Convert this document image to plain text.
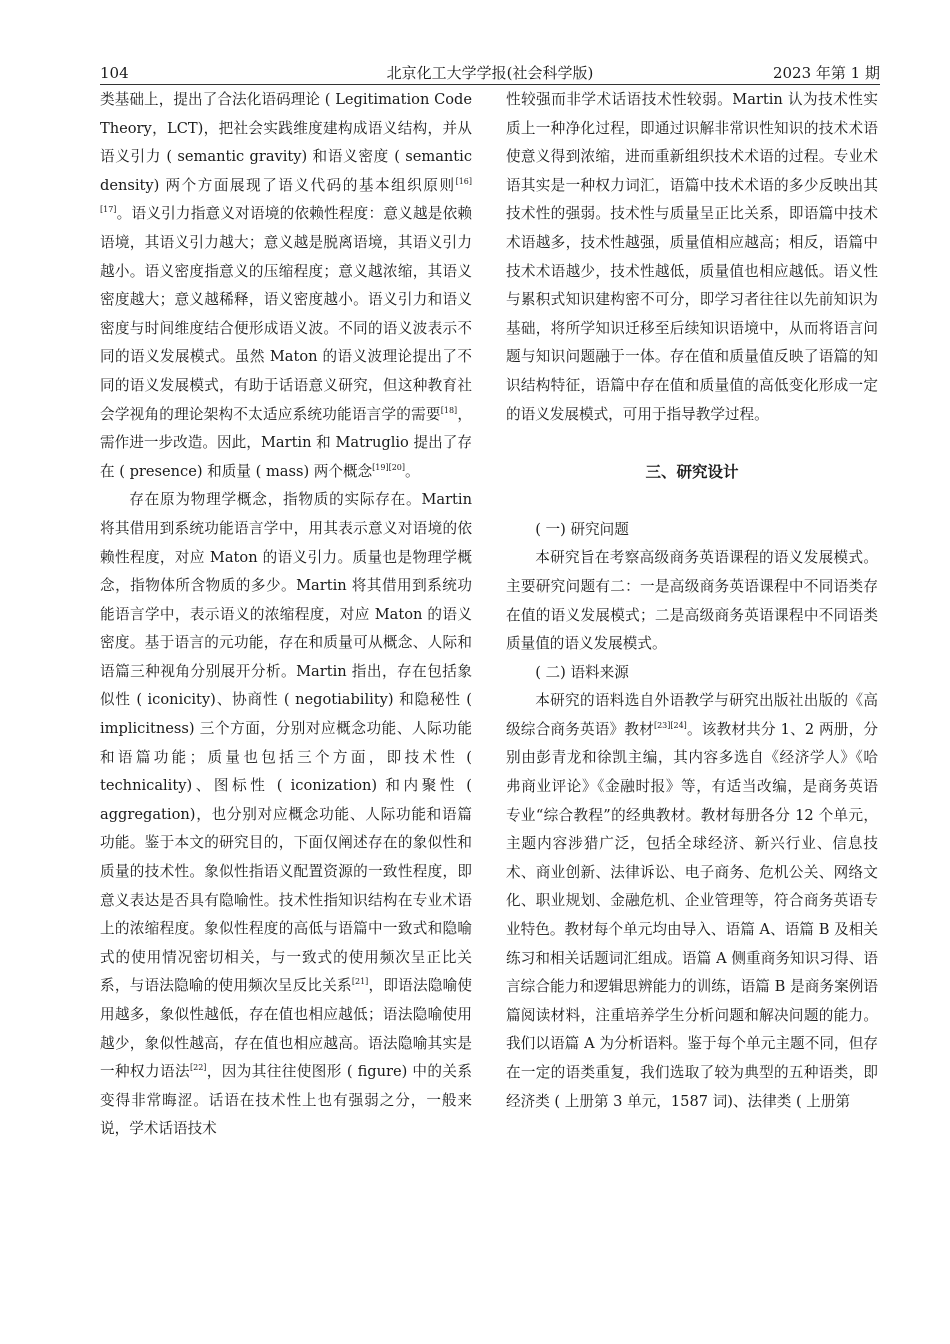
104	北京化工大学学报(社会科学版)	2023 年第 1 期

类基础上，提出了合法化语码理论 ( Legitimation Code Theory，LCT)，把社会实践维度建构成语义结构，并从语义引力 ( semantic gravity) 和语义密度 ( semantic density) 两个方面展现了语义代码的基本组织原则[16][17]。语义引力指意义对语境的依赖性程度：意义越是依赖语境，其语义引力越大；意义越是脱离语境，其语义引力越小。语义密度指意义的压缩程度；意义越浓缩，其语义密度越大；意义越稀释，语义密度越小。语义引力和语义密度与时间维度结合便形成语义波。不同的语义波表示不同的语义发展模式。虽然 Maton 的语义波理论提出了不同的语义发展模式，有助于话语意义研究，但这种教育社会学视角的理论架构不太适应系统功能语言学的需要[18]，需作进一步改造。因此，Martin 和 Matruglio 提出了存在 ( presence) 和质量 ( mass) 两个概念[19][20]。

存在原为物理学概念，指物质的实际存在。Martin 将其借用到系统功能语言学中，用其表示意义对语境的依赖性程度，对应 Maton 的语义引力。质量也是物理学概念，指物体所含物质的多少。Martin 将其借用到系统功能语言学中，表示语义的浓缩程度，对应 Maton 的语义密度。基于语言的元功能，存在和质量可从概念、人际和语篇三种视角分别展开分析。Martin 指出，存在包括象似性 ( iconicity)、协商性 ( negotiability) 和隐秘性 ( implicitness) 三个方面，分别对应概念功能、人际功能和语篇功能；质量也包括三个方面，即技术性 ( technicality)、图标性 ( iconization) 和内聚性 ( aggregation)，也分别对应概念功能、人际功能和语篇功能。鉴于本文的研究目的，下面仅阐述存在的象似性和质量的技术性。象似性指语义配置资源的一致性程度，即意义表达是否具有隐喻性。技术性指知识结构在专业术语上的浓缩程度。象似性程度的高低与语篇中一致式和隐喻式的使用情况密切相关，与一致式的使用频次呈正比关系，与语法隐喻的使用频次呈反比关系[21]，即语法隐喻使用越多，象似性越低，存在值也相应越低；语法隐喻使用越少，象似性越高，存在值也相应越高。语法隐喻其实是一种权力语法[22]，因为其往往使图形 ( figure) 中的关系变得非常晦涩。话语在技术性上也有强弱之分，一般来说，学术话语技术

性较强而非学术话语技术性较弱。Martin 认为技术性实质上一种净化过程，即通过识解非常识性知识的技术术语使意义得到浓缩，进而重新组织技术术语的过程。专业术语其实是一种权力词汇，语篇中技术术语的多少反映出其技术性的强弱。技术性与质量呈正比关系，即语篇中技术术语越多，技术性越强，质量值相应越高；相反，语篇中技术术语越少，技术性越低，质量值也相应越低。语义性与累积式知识建构密不可分，即学习者往往以先前知识为基础，将所学知识迁移至后续知识语境中，从而将语言问题与知识问题融于一体。存在值和质量值反映了语篇的知识结构特征，语篇中存在值和质量值的高低变化形成一定的语义发展模式，可用于指导教学过程。

三、研究设计

( 一) 研究问题

本研究旨在考察高级商务英语课程的语义发展模式。主要研究问题有二：一是高级商务英语课程中不同语类存在值的语义发展模式；二是高级商务英语课程中不同语类质量值的语义发展模式。

( 二) 语料来源

本研究的语料选自外语教学与研究出版社出版的《高级综合商务英语》教材[23][24]。该教材共分 1、2 两册，分别由彭青龙和徐凯主编，其内容多选自《经济学人》《哈弗商业评论》《金融时报》等，有适当改编，是商务英语专业“综合教程”的经典教材。教材每册各分 12 个单元，主题内容涉猎广泛，包括全球经济、新兴行业、信息技术、商业创新、法律诉讼、电子商务、危机公关、网络文化、职业规划、金融危机、企业管理等，符合商务英语专业特色。教材每个单元均由导入、语篇 A、语篇 B 及相关练习和相关话题词汇组成。语篇 A 侧重商务知识习得、语言综合能力和逻辑思辨能力的训练，语篇 B 是商务案例语篇阅读材料，注重培养学生分析问题和解决问题的能力。我们以语篇 A 为分析语料。鉴于每个单元主题不同，但存在一定的语类重复，我们选取了较为典型的五种语类，即经济类 ( 上册第 3 单元，1587 词)、法律类 ( 上册第
